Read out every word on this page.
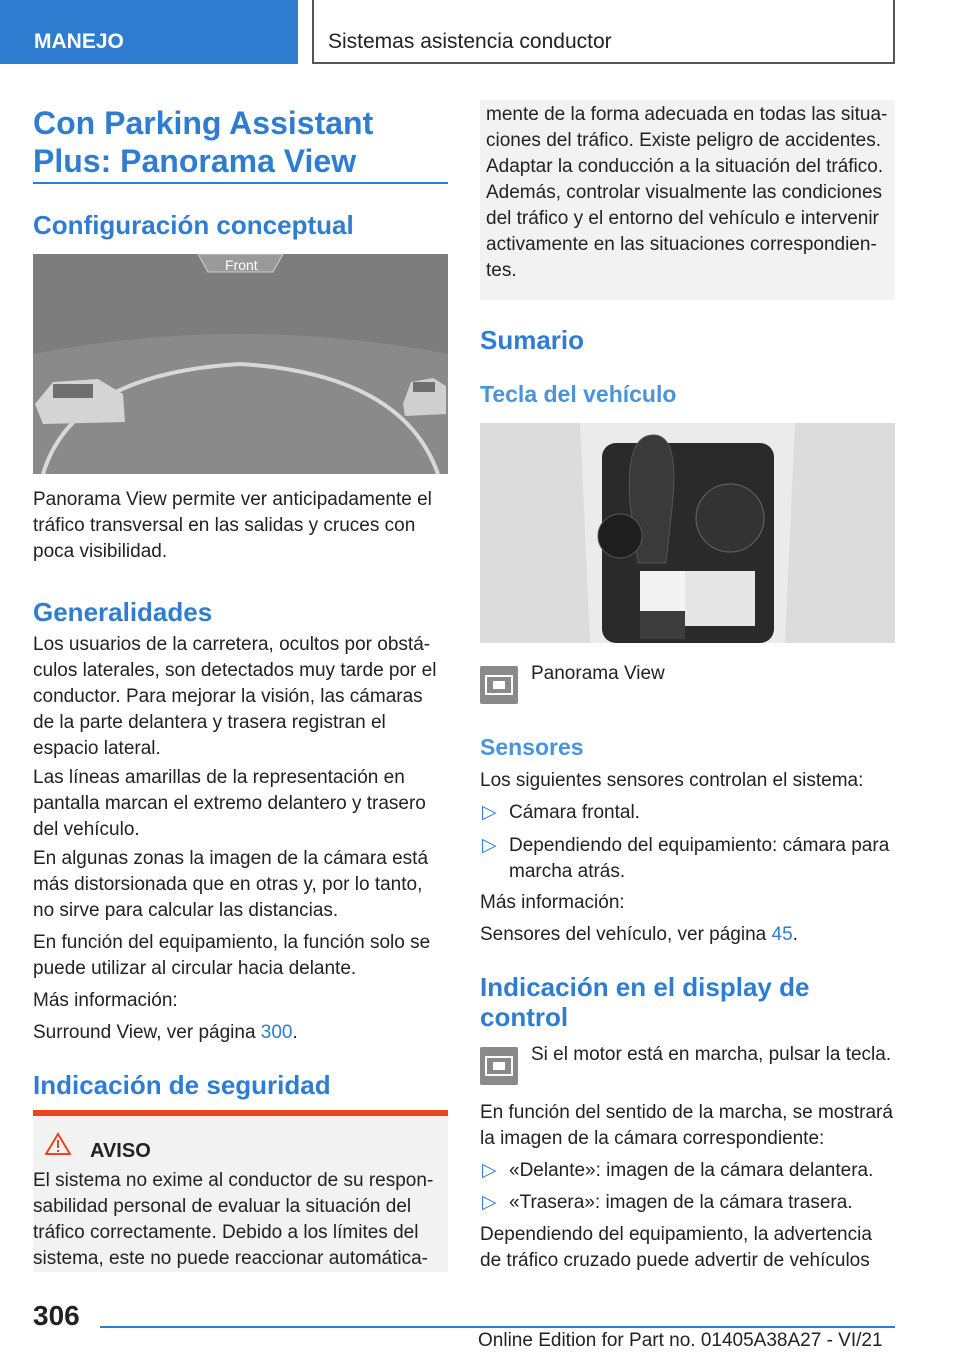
MANEJO	Sistemas asistencia conductor
Con Parking Assistant
Plus: Panorama View
Configuración conceptual
Front

Panorama View permite ver anticipadamente el tráfico transversal en las salidas y cruces con poca visibilidad.

Generalidades

Los usuarios de la carretera, ocultos por obstáculos laterales, son detectados muy tarde por el conductor. Para mejorar la visión, las cámaras de la parte delantera y trasera registran el espacio lateral.

Las líneas amarillas de la representación en pantalla marcan el extremo delantero y trasero del vehículo.

En algunas zonas la imagen de la cámara está más distorsionada que en otras y, por lo tanto, no sirve para calcular las distancias.

En función del equipamiento, la función solo se puede utilizar al circular hacia delante.

Más información:

Surround View, ver página 300.

Indicación de seguridad
AVISO

El sistema no exime al conductor de su responsabilidad personal de evaluar la situación del tráfico correctamente. Debido a los límites del sistema, este no puede reaccionar automática-

mente de la forma adecuada en todas las situaciones del tráfico. Existe peligro de accidentes. Adaptar la conducción a la situación del tráfico. Además, controlar visualmente las condiciones del tráfico y el entorno del vehículo e intervenir activamente en las situaciones correspondientes.

Sumario
Tecla del vehículo

Panorama View

Sensores

Los siguientes sensores controlan el sistema:

▷ Cámara frontal.

▷ Dependiendo del equipamiento: cámara para marcha atrás.

Más información:

Sensores del vehículo, ver página 45.

Indicación en el display de
control

Si el motor está en marcha, pulsar la tecla.

En función del sentido de la marcha, se mostrará la imagen de la cámara correspondiente:

▷ «Delante»: imagen de la cámara delantera.

▷ «Trasera»: imagen de la cámara trasera.

Dependiendo del equipamiento, la advertencia de tráfico cruzado puede advertir de vehículos

306
Online Edition for Part no. 01405A38A27 - VI/21
